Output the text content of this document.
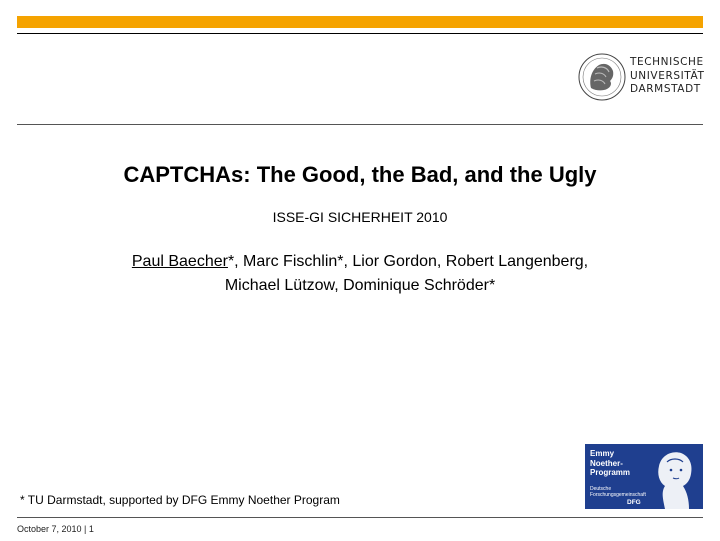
TECHNISCHE
UNIVERSITÄT
DARMSTADT
CAPTCHAs: The Good, the Bad, and the Ugly
ISSE-GI SICHERHEIT 2010
Paul Baecher*, Marc Fischlin*, Lior Gordon, Robert Langenberg,
Michael Lützow, Dominique Schröder*
Emmy
Noether-
Programm
Deutsche
Forschungsgemeinschaft
DFG
* TU Darmstadt, supported by DFG Emmy Noether Program
October 7, 2010 | 1
